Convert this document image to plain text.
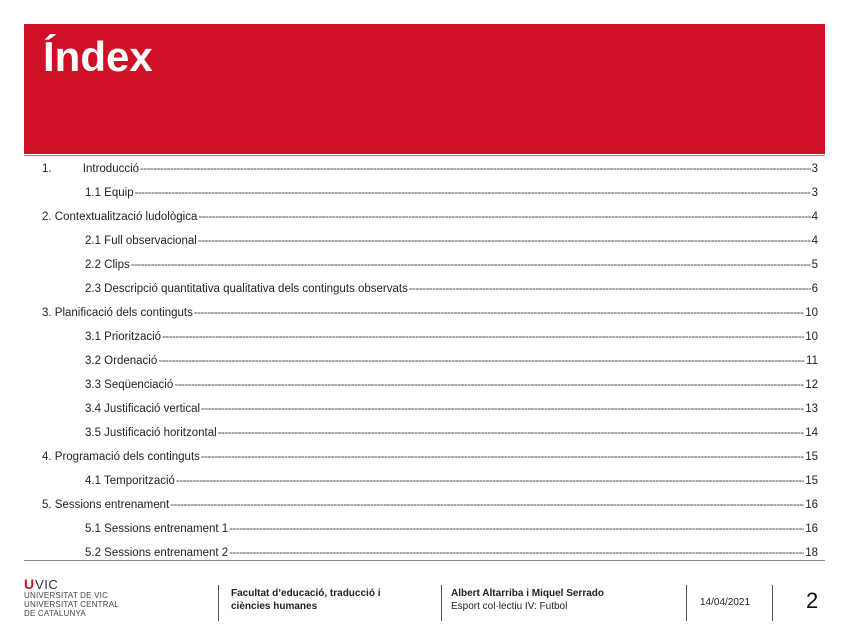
Índex
1.	Introducció -----	3
1.1 Equip -----	3
2. Contextualització ludològica -----	4
2.1 Full observacional -----	4
2.2 Clips -----	5
2.3 Descripció quantitativa qualitativa dels continguts observats -----	6
3. Planificació dels continguts -----	10
3.1 Priorització -----	10
3.2 Ordenació -----	11
3.3 Seqüenciació -----	12
3.4 Justificació vertical -----	13
3.5 Justificació horitzontal -----	14
4. Programació dels continguts -----	15
4.1 Temporització -----	15
5. Sessions entrenament -----	16
5.1 Sessions entrenament 1 -----	16
5.2 Sessions entrenament 2 -----	18
U VIC
UNIVERSITAT DE VIC
UNIVERSITAT CENTRAL
DE CATALUNYA
Facultat d’educació, traducció i
ciències humanes
Albert Altarriba i Miquel Serrado
Esport col·lectiu IV: Futbol	14/04/2021	2
